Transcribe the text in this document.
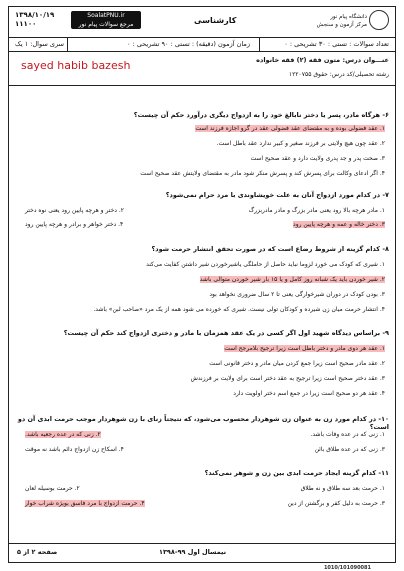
۱۳۹۸/۱۰/۱۹
۱۱۱۰۰
SoalatPNU.ir
مرجع سوالات پیام نور	کارشناسی	دانشگاه پیام نور
مرکز آزمون و سنجش
سری سوال: ۱ یک	زمان آزمون (دقیقه) : تستی : ۹۰ تشریحی : ۰	تعداد سوالات : تستی : ۳۰ تشریحی : ۰
sayed habib bazesh	عنـــوان درس: متون فقه (۲) فقه خانواده
رشته تحصیلی/کد درس: حقوق ۱۲۲۰۷۵۵
۶- هرگاه مادر، پسر یا دختر نابالغ خود را به ازدواج دیگری درآورد حکم آن چیست؟
۱. عقد فضولی بوده و به مقتضای عقد فضولی عقد در گرو اجازه فرزند است
۲. عقد چون هیچ ولایتی بر فرزند صغیر و کبیر ندارد عقد باطل است.
۳. صحت پدر و جد پدری ولایت دارد و عقد صحیح است
۴. اگر ادعای وکالت برای پسرش کند و پسرش منکر شود مادر به مقتضای ولایتش عقد صحیح است
۷- در کدام مورد ازدواج آنان به علت خویشاوندی با مرد حرام نمی‌شود؟
۱. مادر هرچه بالا رود یعنی مادر بزرگ و مادر مادربزرگ
۲. دختر و هرچه پایین رود یعنی نوه دختر
۳. دختر خاله و عمه و هرچه پایین رود
۴. دختر خواهر و برادر و هرچه پایین رود
۸- کدام گزینه از شروط رضاع است که در صورت تحقق انتشار حرمت شود؟
۱. شیری که کودک می خورد لزوما نباید حاصل از حاملگی یاشیرخوردن شیر داشتن کفایت می‌کند
۲. شیر خوردن باید یک شبانه روز کامل و یا ۱۵ بار شیر خوردن متوالی باشد
۳. بودن کودک در دوران شیرخوارگی یعنی تا ۲ سال ضروری نخواهد بود
۴. انتشار حرمت میان زن شیرده و کودکان تولی نیست. شیری که خورده می شود همه از یک مرد «صاحب لبن» باشد.
۹- براساس دیدگاه شهید اول اگر کسی در یک عقد همزمان با مادر و دختری ازدواج کند حکم آن چیست؟
۱. عقد هر دوی مادر و دختر باطل است زیرا ترجیح بلامرجح است
۲. عقد مادر صحیح است زیرا جمع کردن میان مادر و دختر قانونی است
۳. عقد دختر صحیح است زیرا ترجیح به عقد دختر است برای ولایت بر فرزندش
۴. عقد هر دو صحیح است زیرا در جمع اسم دختر اولویت دارد
۱۰- در کدام مورد زن به عنوان زن شوهردار محسوب می‌شود، که نتیجتاً زنای با زن شوهردار موجب حرمت ابدی آن دو است؟
۱. زنی که در عده وفات باشد.
۲. زنی که در عده رجعیه باشد.
۳. زنی که در عده طلاق بائن
۴. اسکاح زن ازدواج دائم باشد نه موقت
۱۱- کدام گزینه ایجاد حرمت ابدی بین زن و شوهر نمی‌کند؟
۱. حرمت بعد سه طلاق و نه طلاق
۲. حرمت بوسیله لعان
۳. حرمت به دلیل کفر و برگشتن از دین
۴. حرمت ازدواج با مرد فاسق بویژه شراب خوار
صفحه ۲ از ۵	نیمسال اول ۹۹-۱۳۹۸
1010/101090081
